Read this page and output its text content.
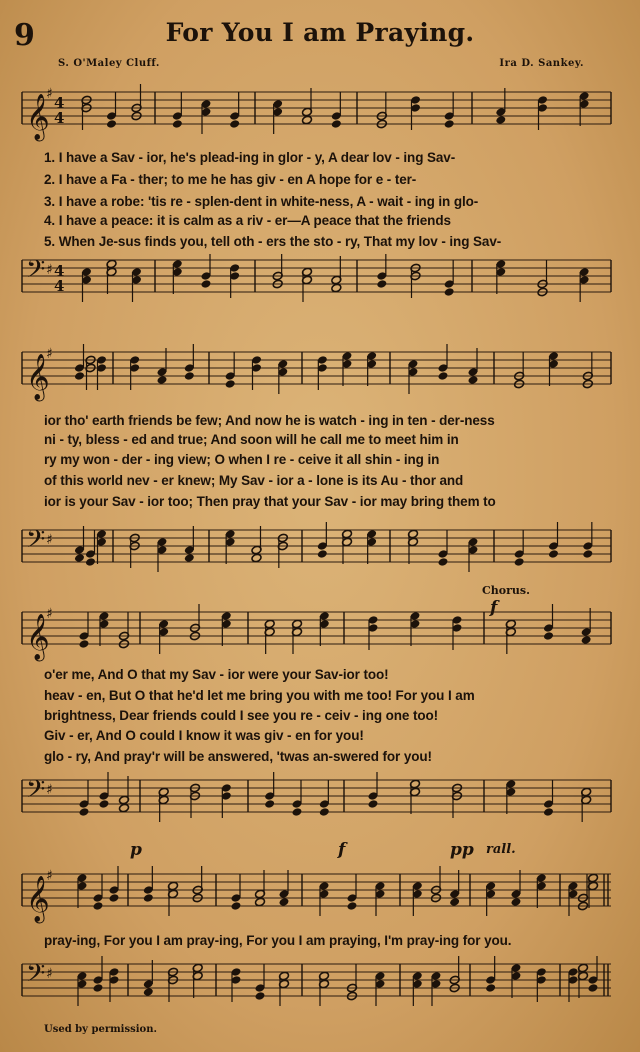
9	For You I am Praying.
S. O'Maley Cluff.	Ira D. Sankey.
𝄞
♯ 4
4
1. I have a Sav - ior, he's plead-ing in glor - y, A dear lov - ing Sav-
2. I have a Fa - ther; to me he has giv - en A hope for e - ter-
3. I have a robe: 'tis re - splen-dent in white-ness, A - wait - ing in glo-
4. I have a peace: it is calm as a riv - er—A peace that the friends
5. When Je-sus finds you, tell oth - ers the sto - ry, That my lov - ing Sav-
𝄢 ♯ 4
4
𝄞
♯
ior tho' earth friends be few; And now he is watch - ing in ten - der-ness
ni - ty, bless - ed and true; And soon will he call me to meet him in
ry my won - der - ing view; O when I re - ceive it all shin - ing in
of this world nev - er knew; My Sav - ior a - lone is its Au - thor and
ior is your Sav - ior too; Then pray that your Sav - ior may bring them to
𝄢 ♯
Chorus.
f
𝄞
♯
o'er me, And O that my Sav - ior were your Sav-ior too!
heav - en, But O that he'd let me bring you with me too! For you I am
brightness, Dear friends could I see you re - ceiv - ing one too!
Giv - er, And O could I know it was giv - en for you!
glo - ry, And pray'r will be answered, 'twas an-swered for you!
𝄢 ♯
p	f	pp rall.
𝄞
♯
pray-ing, For you I am pray-ing, For you I am praying, I'm pray-ing for you.
𝄢 ♯
Used by permission.
